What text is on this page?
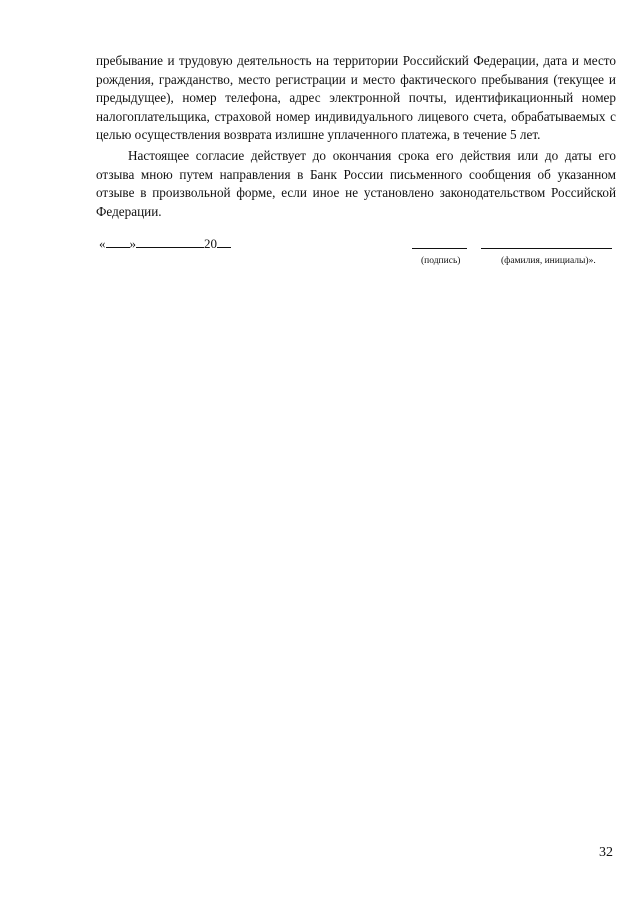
пребывание и трудовую деятельность на территории Российский Федерации, дата и место рождения, гражданство, место регистрации и место фактического пребывания (текущее и предыдущее), номер телефона, адрес электронной почты, идентификационный номер налогоплательщика, страховой номер индивидуального лицевого счета, обрабатываемых с целью осуществления возврата излишне уплаченного платежа, в течение 5 лет.

Настоящее согласие действует до окончания срока его действия или до даты его отзыва мною путем направления в Банк России письменного сообщения об указанном отзыве в произвольной форме, если иное не установлено законодательством Российской Федерации.

« »	20
(подпись)	(фамилия, инициалы)».
32
